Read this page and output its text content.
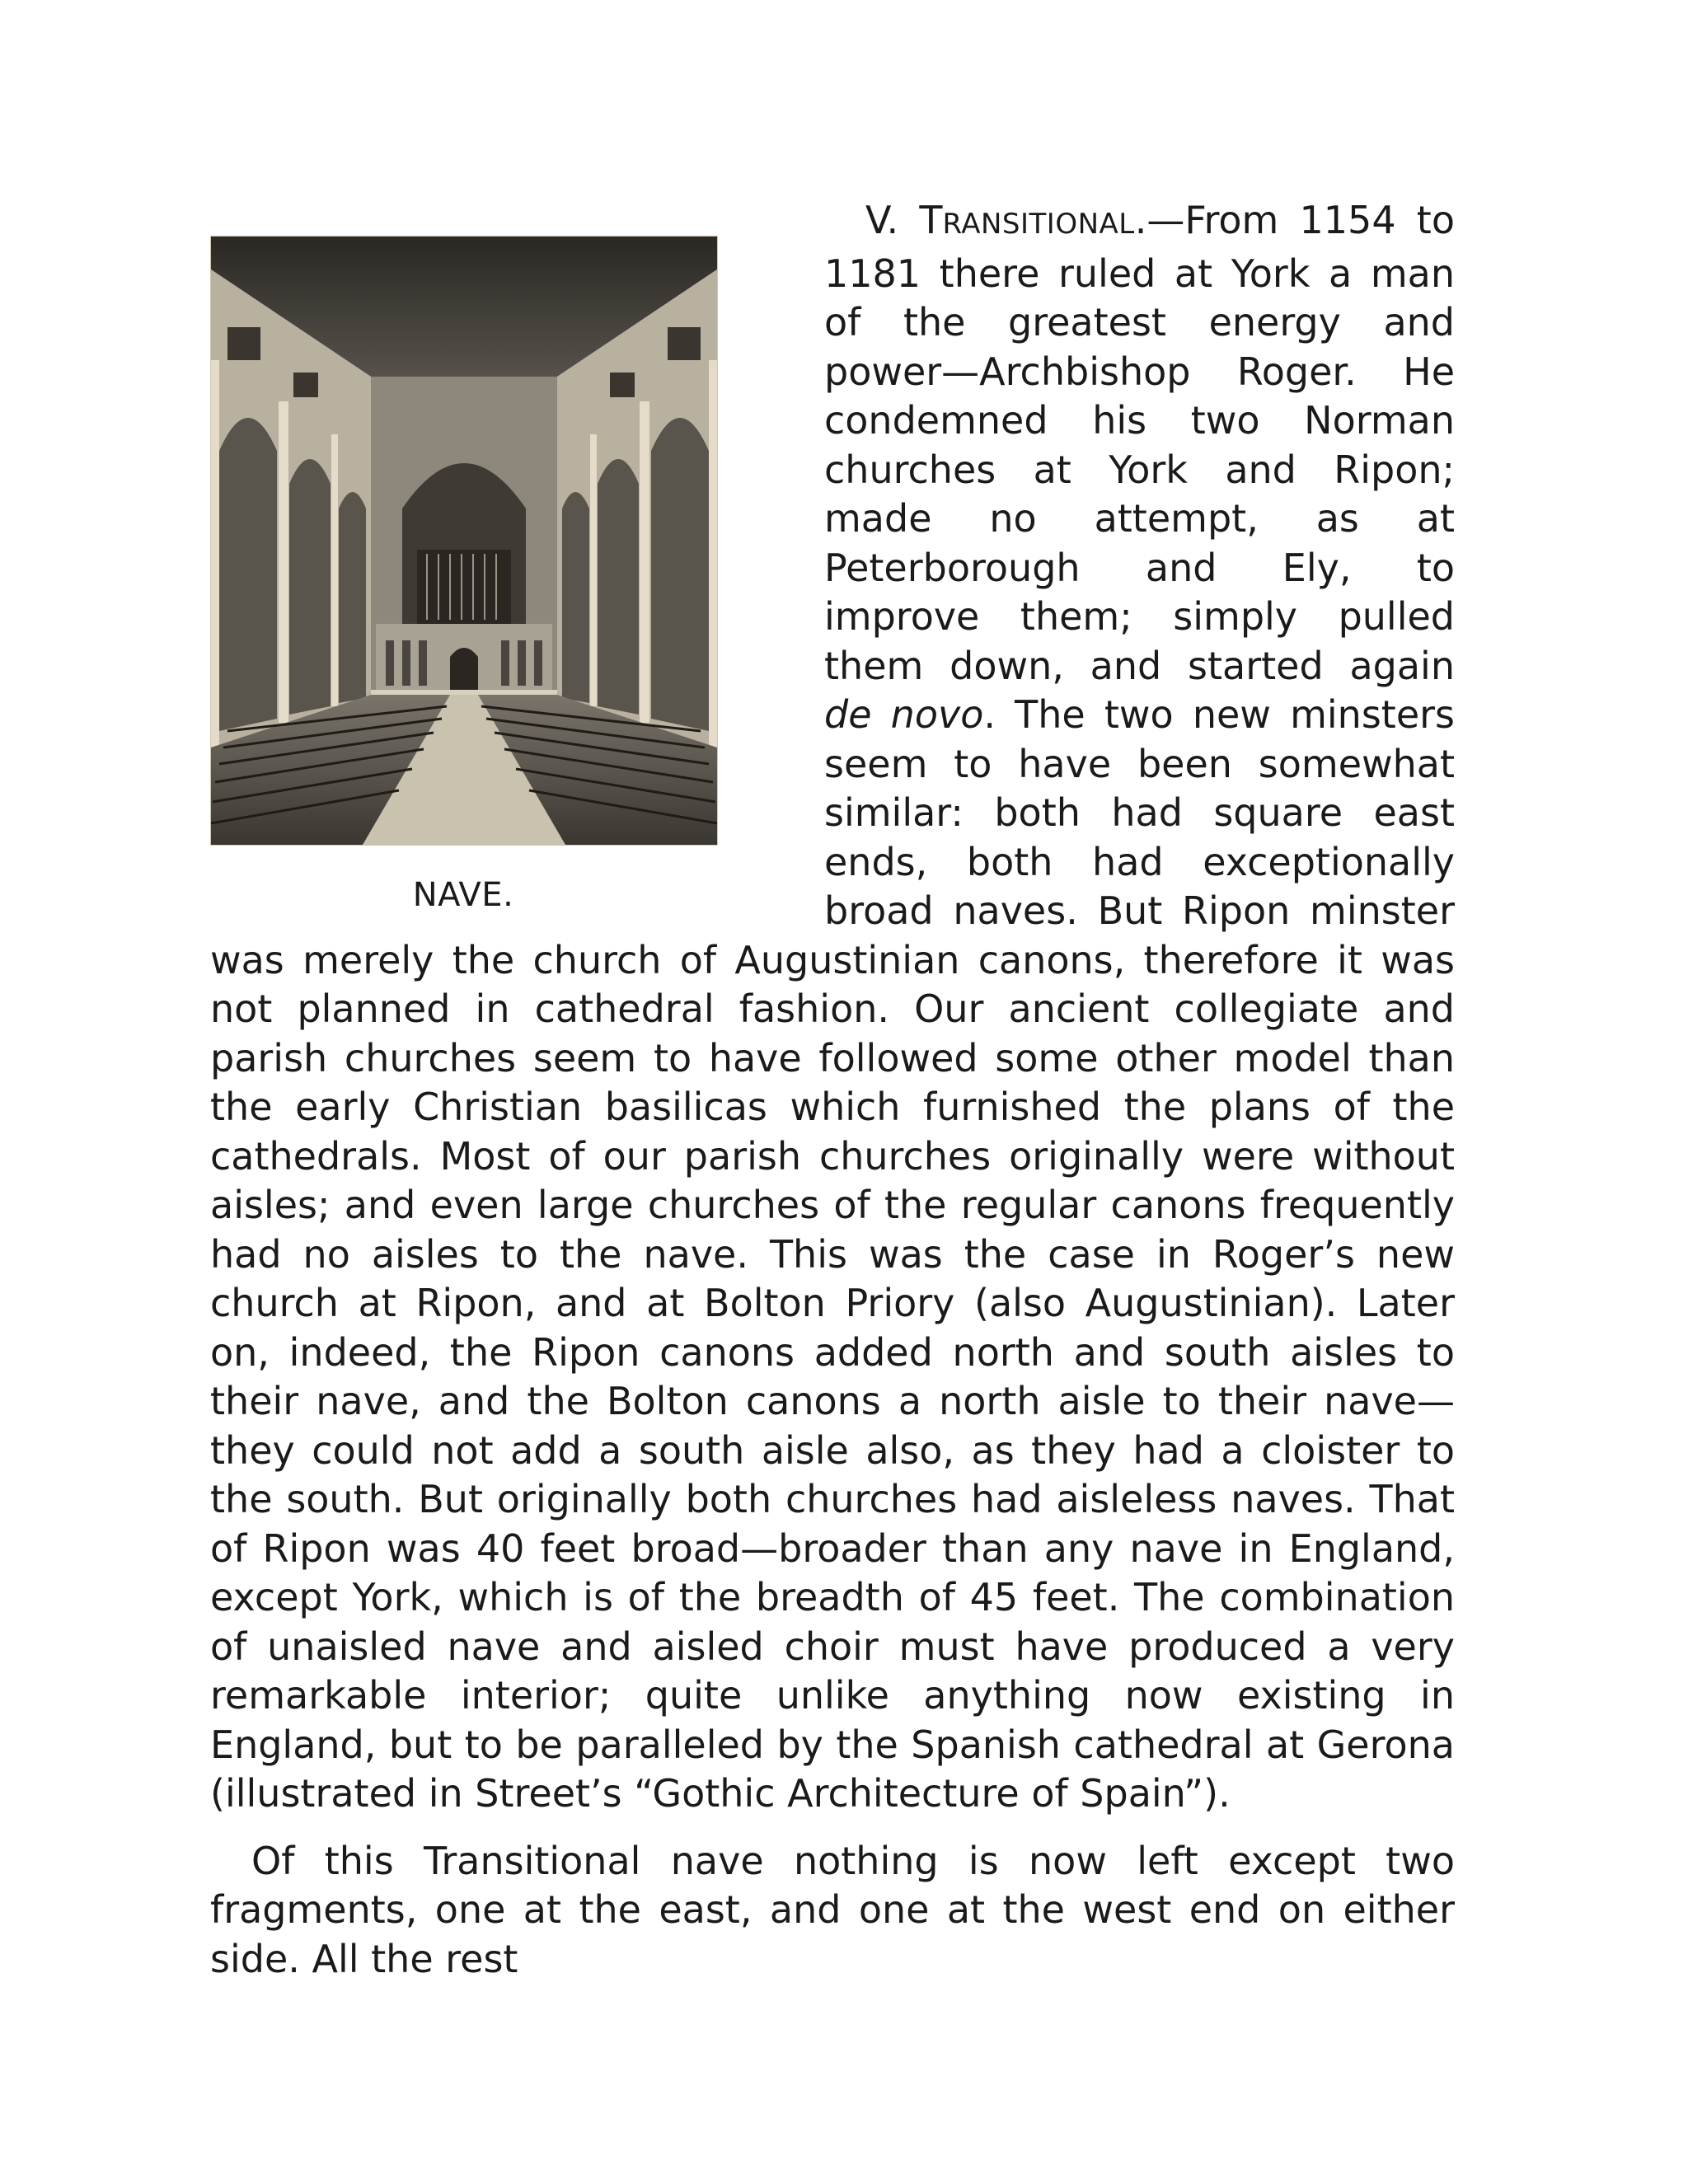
NAVE.

V. TRANSITIONAL.—From 1154 to 1181 there ruled at York a man of the greatest energy and power—Archbishop Roger. He condemned his two Norman churches at York and Ripon; made no attempt, as at Peterborough and Ely, to improve them; simply pulled them down, and started again de novo. The two new minsters seem to have been somewhat similar: both had square east ends, both had exceptionally broad naves. But Ripon minster was merely the church of Augustinian canons, therefore it was not planned in cathedral fashion. Our ancient collegiate and parish churches seem to have followed some other model than the early Christian basilicas which furnished the plans of the cathedrals. Most of our parish churches originally were without aisles; and even large churches of the regular canons frequently had no aisles to the nave. This was the case in Roger’s new church at Ripon, and at Bolton Priory (also Augustinian). Later on, indeed, the Ripon canons added north and south aisles to their nave, and the Bolton canons a north aisle to their nave—they could not add a south aisle also, as they had a cloister to the south. But originally both churches had aisleless naves. That of Ripon was 40 feet broad—broader than any nave in England, except York, which is of the breadth of 45 feet. The combination of unaisled nave and aisled choir must have produced a very remarkable interior; quite unlike anything now existing in England, but to be paralleled by the Spanish cathedral at Gerona (illustrated in Street’s “Gothic Architecture of Spain”).

Of this Transitional nave nothing is now left except two fragments, one at the east, and one at the west end on either side. All the rest
